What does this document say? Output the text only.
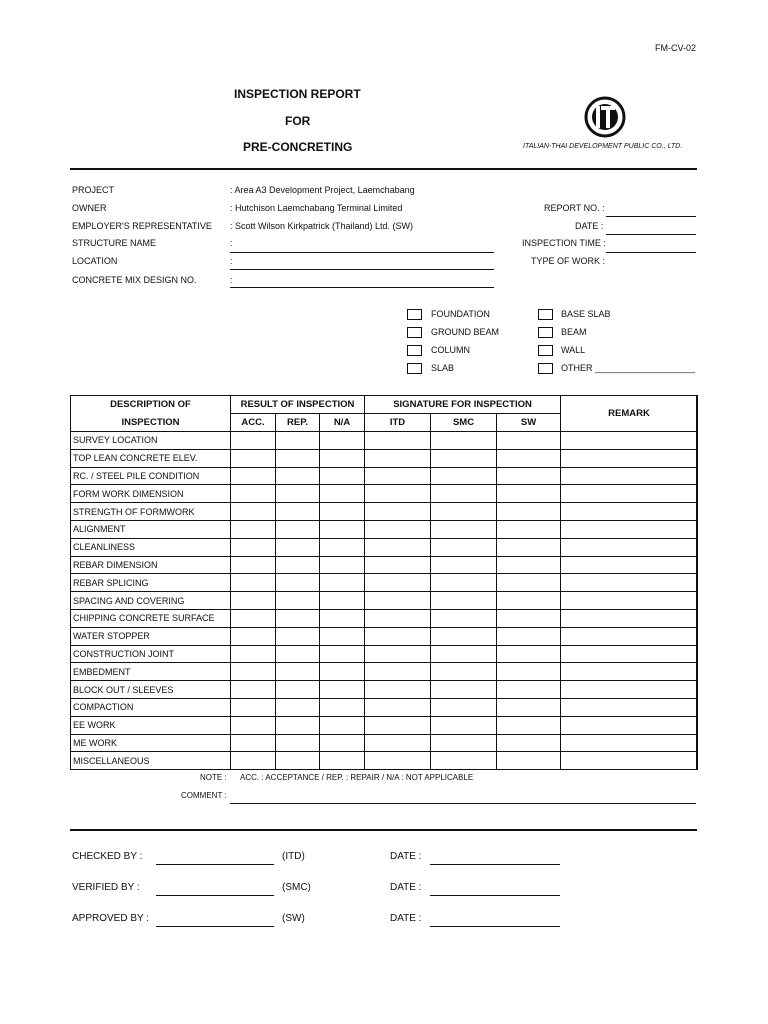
FM-CV-02
INSPECTION REPORT
FOR
PRE-CONCRETING	ITALIAN-THAI DEVELOPMENT PUBLIC CO., LTD.
PROJECT	: Area A3 Development Project, Laemchabang
OWNER	: Hutchison Laemchabang Terminal Limited
EMPLOYER'S REPRESENTATIVE : Scott Wilson Kirkpatrick (Thailand) Ltd. (SW)
STRUCTURE NAME	:
LOCATION	:
CONCRETE MIX DESIGN NO.	:
REPORT NO. :
DATE :
INSPECTION TIME :
TYPE OF WORK :
FOUNDATION
GROUND BEAM
COLUMN
SLAB
BASE SLAB
BEAM
WALL
OTHER ____________________
DESCRIPTION OF	RESULT OF INSPECTION			SIGNATURE FOR INSPECTION			REMARK
INSPECTION	ACC.	REP.	N/A	ITD	SMC	SW	
SURVEY LOCATION							
TOP LEAN CONCRETE ELEV.							
RC. / STEEL PILE CONDITION							
FORM WORK DIMENSION							
STRENGTH OF FORMWORK							
ALIGNMENT							
CLEANLINESS							
REBAR DIMENSION							
REBAR SPLICING							
SPACING AND COVERING							
CHIPPING CONCRETE SURFACE							
WATER STOPPER							
CONSTRUCTION JOINT							
EMBEDMENT							
BLOCK OUT / SLEEVES							
COMPACTION							
EE WORK							
ME WORK							
MISCELLANEOUS							
NOTE : ACC. : ACCEPTANCE / REP. : REPAIR / N/A : NOT APPLICABLE
COMMENT :
CHECKED BY :	(ITD)	DATE :
VERIFIED BY :	(SMC)	DATE :
APPROVED BY :	(SW)	DATE :
